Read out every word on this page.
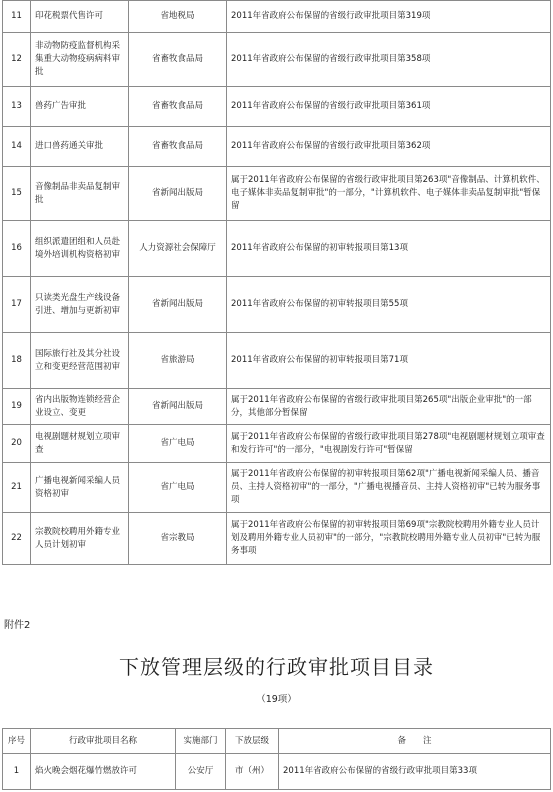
11	印花税票代售许可	省地税局	2011年省政府公布保留的省级行政审批项目第319项
12	非动物防疫监督机构采集重大动物疫病病料审批	省畜牧食品局	2011年省政府公布保留的省级行政审批项目第358项
13	兽药广告审批	省畜牧食品局	2011年省政府公布保留的省级行政审批项目第361项
14	进口兽药通关审批	省畜牧食品局	2011年省政府公布保留的省级行政审批项目第362项
15	音像制品非卖品复制审批	省新闻出版局	属于2011年省政府公布保留的省级行政审批项目第263项"音像制品、计算机软件、电子媒体非卖品复制审批"的一部分，"计算机软件、电子媒体非卖品复制审批"暂保留
16	组织派遣团组和人员赴境外培训机构资格初审	人力资源社会保障厅	2011年省政府公布保留的初审转报项目第13项
17	只读类光盘生产线设备引进、增加与更新初审	省新闻出版局	2011年省政府公布保留的初审转报项目第55项
18	国际旅行社及其分社设立和变更经营范围初审	省旅游局	2011年省政府公布保留的初审转报项目第71项
19	省内出版物连锁经营企业设立、变更	省新闻出版局	属于2011年省政府公布保留的省级行政审批项目第265项"出版企业审批"的一部分，其他部分暂保留
20	电视剧题材规划立项审查	省广电局	属于2011年省政府公布保留的省级行政审批项目第278项"电视剧题材规划立项审查和发行许可"的一部分，"电视剧发行许可"暂保留
21	广播电视新闻采编人员资格初审	省广电局	属于2011年省政府公布保留的初审转报项目第62项"广播电视新闻采编人员、播音员、主持人资格初审"的一部分，"广播电视播音员、主持人资格初审"已转为服务事项
22	宗教院校聘用外籍专业人员计划初审	省宗教局	属于2011年省政府公布保留的初审转报项目第69项"宗教院校聘用外籍专业人员计划及聘用外籍专业人员初审"的一部分，"宗教院校聘用外籍专业人员初审"已转为服务事项
附件2
下放管理层级的行政审批项目目录
（19项）
序号	行政审批项目名称	实施部门	下放层级	备　　注
1	焰火晚会烟花爆竹燃放许可	公安厅	市（州）	2011年省政府公布保留的省级行政审批项目第33项
